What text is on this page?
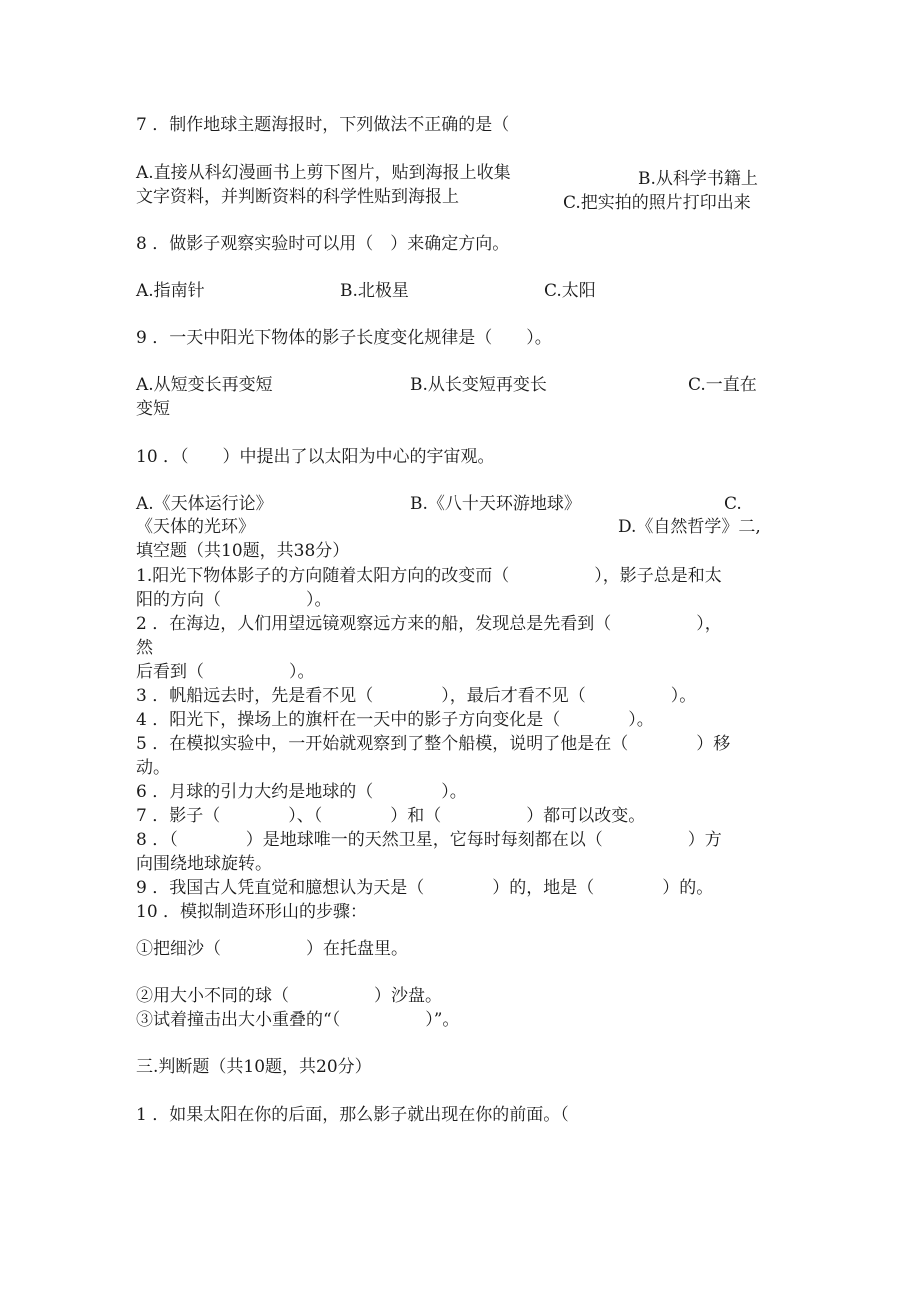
7 ．制作地球主题海报时，下列做法不正确的是（
A.直接从科幻漫画书上剪下图片，贴到海报上收集	B.从科学书籍上
文字资料，并判断资料的科学性贴到海报上	C.把实拍的照片打印出来
8 ．做影子观察实验时可以用（　）来确定方向。
A.指南针	B.北极星	C.太阳
9 ．一天中阳光下物体的影子长度变化规律是（　　）。
A.从短变长再变短	B.从长变短再变长	C.一直在
变短
10 ．（　　）中提出了以太阳为中心的宇宙观。
A.《天体运行论》	B.《八十天环游地球》	C.
《天体的光环》	D.《自然哲学》二,
填空题（共10题，共38分）
1.阳光下物体影子的方向随着太阳方向的改变而（　　　　　），影子总是和太
阳的方向（　　　　　）。
2 ．在海边，人们用望远镜观察远方来的船，发现总是先看到（　　　　　），
然
后看到（　　　　　）。
3 ．帆船远去时，先是看不见（　　　　），最后才看不见（　　　　　）。
4 ．阳光下，操场上的旗杆在一天中的影子方向变化是（　　　　）。
5 ．在模拟实验中，一开始就观察到了整个船模，说明了他是在（　　　　）移
动。
6 ．月球的引力大约是地球的（　　　　）。
7 ．影子（　　　　）、（　　　　）和（　　　　　）都可以改变。
8 ．（　　　　）是地球唯一的天然卫星，它每时每刻都在以（　　　　　）方
向围绕地球旋转。
9 ．我国古人凭直觉和臆想认为天是（　　　　）的，地是（　　　　）的。
10 ．模拟制造环形山的步骤：
①把细沙（　　　　　）在托盘里。
②用大小不同的球（　　　　　）沙盘。
③试着撞击出大小重叠的“（　　　　　）”。
三.判断题（共10题，共20分）
1 ．如果太阳在你的后面，那么影子就出现在你的前面。（
